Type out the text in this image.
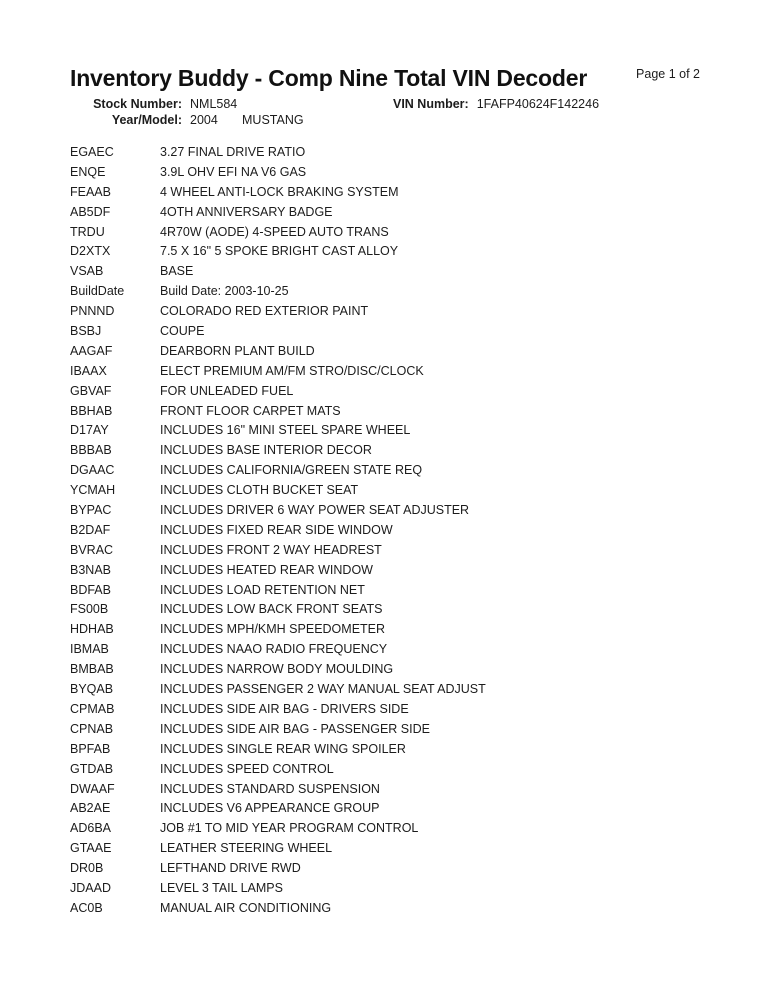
Inventory Buddy - Comp Nine Total VIN Decoder	Page 1 of 2
Stock Number: NML584	VIN Number: 1FAFP40624F142246
Year/Model: 2004	MUSTANG
EGAEC	3.27 FINAL DRIVE RATIO
ENQE	3.9L OHV EFI NA V6 GAS
FEAAB	4 WHEEL ANTI-LOCK BRAKING SYSTEM
AB5DF	4OTH ANNIVERSARY BADGE
TRDU	4R70W (AODE) 4-SPEED AUTO TRANS
D2XTX	7.5 X 16" 5 SPOKE BRIGHT CAST ALLOY
VSAB	BASE
BuildDate	Build Date: 2003-10-25
PNNND	COLORADO RED EXTERIOR PAINT
BSBJ	COUPE
AAGAF	DEARBORN PLANT BUILD
IBAAX	ELECT PREMIUM AM/FM STRO/DISC/CLOCK
GBVAF	FOR UNLEADED FUEL
BBHAB	FRONT FLOOR CARPET MATS
D17AY	INCLUDES 16" MINI STEEL SPARE WHEEL
BBBAB	INCLUDES BASE INTERIOR DECOR
DGAAC	INCLUDES CALIFORNIA/GREEN STATE REQ
YCMAH	INCLUDES CLOTH BUCKET SEAT
BYPAC	INCLUDES DRIVER 6 WAY POWER SEAT ADJUSTER
B2DAF	INCLUDES FIXED REAR SIDE WINDOW
BVRAC	INCLUDES FRONT 2 WAY HEADREST
B3NAB	INCLUDES HEATED REAR WINDOW
BDFAB	INCLUDES LOAD RETENTION NET
FS00B	INCLUDES LOW BACK FRONT SEATS
HDHAB	INCLUDES MPH/KMH SPEEDOMETER
IBMAB	INCLUDES NAAO RADIO FREQUENCY
BMBAB	INCLUDES NARROW BODY MOULDING
BYQAB	INCLUDES PASSENGER 2 WAY MANUAL SEAT ADJUST
CPMAB	INCLUDES SIDE AIR BAG - DRIVERS SIDE
CPNAB	INCLUDES SIDE AIR BAG - PASSENGER SIDE
BPFAB	INCLUDES SINGLE REAR WING SPOILER
GTDAB	INCLUDES SPEED CONTROL
DWAAF	INCLUDES STANDARD SUSPENSION
AB2AE	INCLUDES V6 APPEARANCE GROUP
AD6BA	JOB #1 TO MID YEAR PROGRAM CONTROL
GTAAE	LEATHER STEERING WHEEL
DR0B	LEFTHAND DRIVE RWD
JDAAD	LEVEL 3 TAIL LAMPS
AC0B	MANUAL AIR CONDITIONING
